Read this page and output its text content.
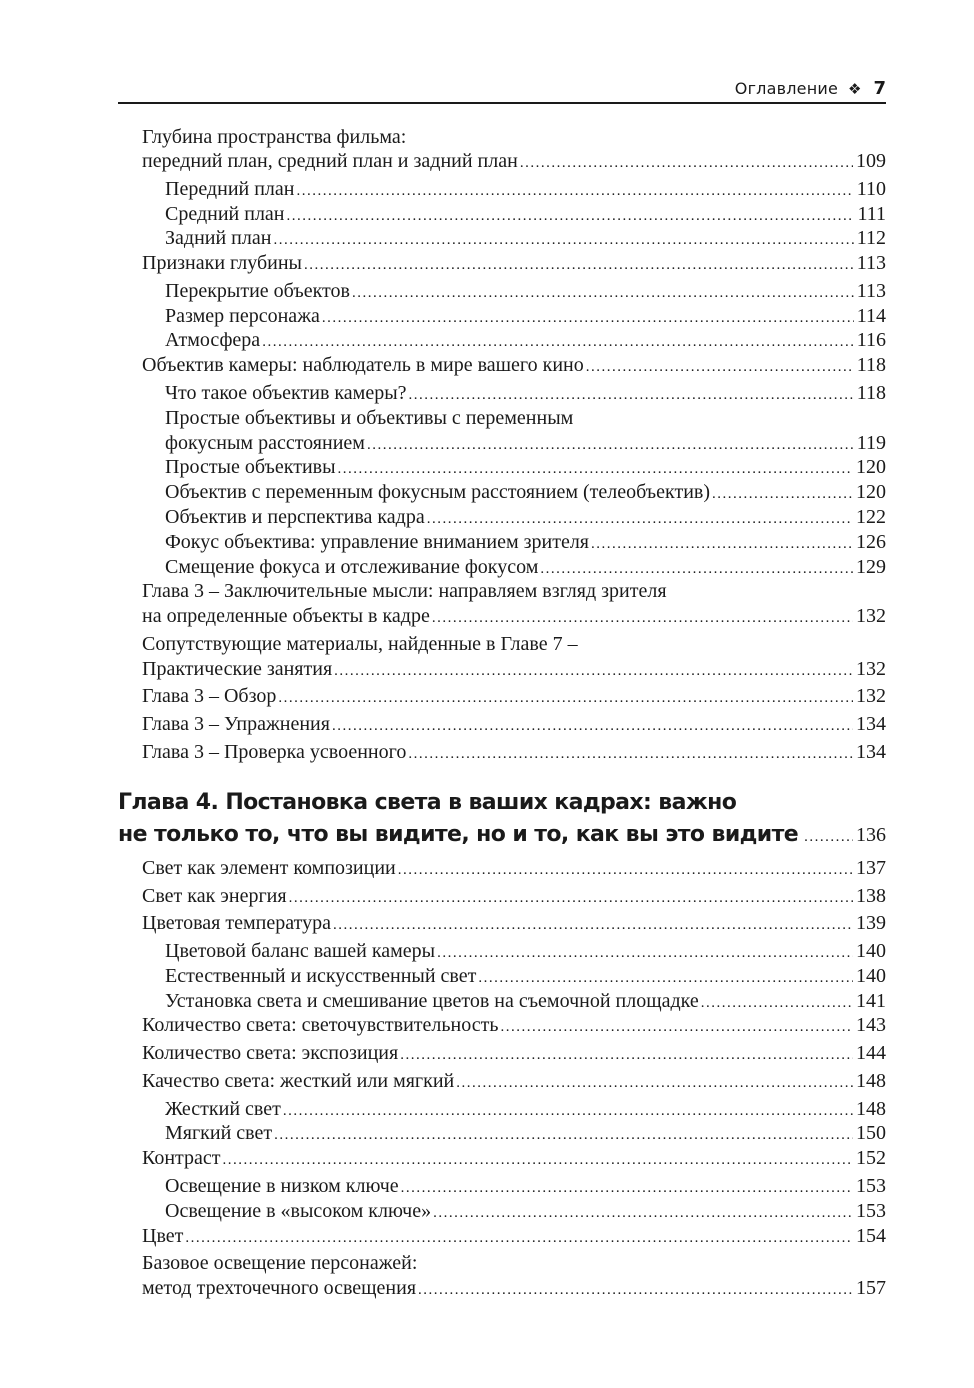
Оглавление ❖ 7
Глубина пространства фильма:
передний план, средний план и задний план .....	109
Передний план .....	110
Средний план .....	111
Задний план .....	112
Признаки глубины .....	113
Перекрытие объектов .....	113
Размер персонажа .....	114
Атмосфера .....	116
Объектив камеры: наблюдатель в мире вашего кино .....	118
Что такое объектив камеры? .....	118
Простые объективы и объективы с переменным
фокусным расстоянием .....	119
Простые объективы .....	120
Объектив с переменным фокусным расстоянием (телеобъектив) .....	120
Объектив и перспектива кадра .....	122
Фокус объектива: управление вниманием зрителя .....	126
Смещение фокуса и отслеживание фокусом .....	129
Глава 3 – Заключительные мысли: направляем взгляд зрителя
на определенные объекты в кадре .....	132
Сопутствующие материалы, найденные в Главе 7 –
Практические занятия .....	132
Глава 3 – Обзор .....	132
Глава 3 – Упражнения .....	134
Глава 3 – Проверка усвоенного .....	134
Глава 4. Постановка света в ваших кадрах: важно
не только то, что вы видите, но и то, как вы это видите .....	136
Свет как элемент композиции .....	137
Свет как энергия .....	138
Цветовая температура .....	139
Цветовой баланс вашей камеры .....	140
Естественный и искусственный свет .....	140
Установка света и смешивание цветов на съемочной площадке .....	141
Количество света: светочувствительность .....	143
Количество света: экспозиция .....	144
Качество света: жесткий или мягкий .....	148
Жесткий свет .....	148
Мягкий свет .....	150
Контраст .....	152
Освещение в низком ключе .....	153
Освещение в «высоком ключе» .....	153
Цвет .....	154
Базовое освещение персонажей:
метод трехточечного освещения .....	157
